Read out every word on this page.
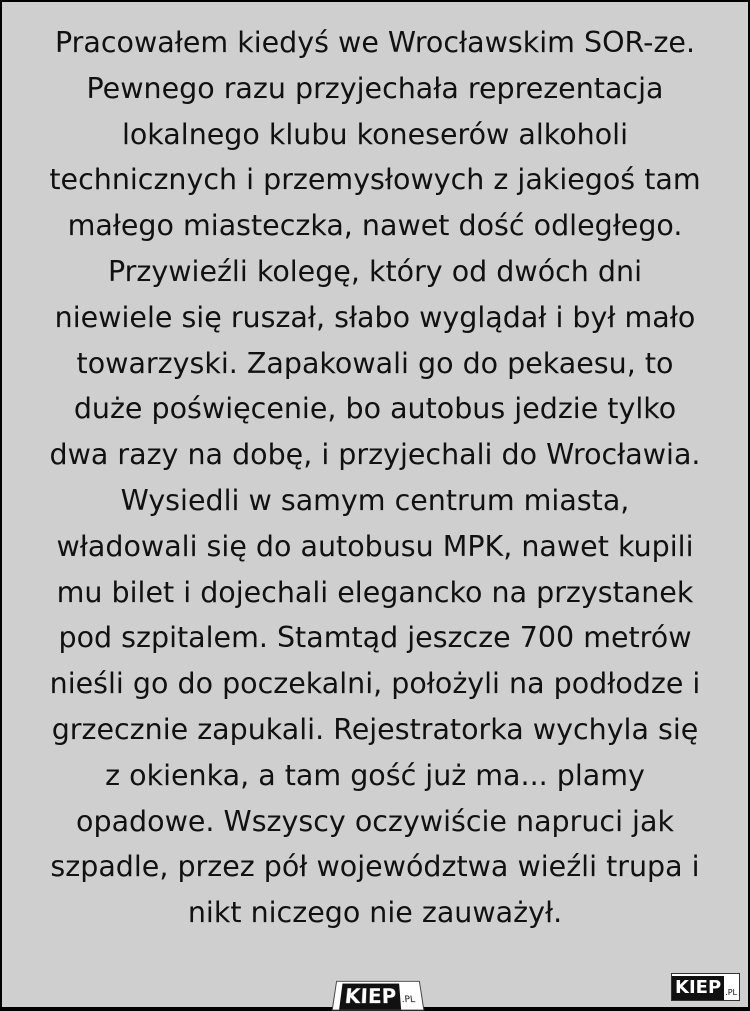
Pracowałem kiedyś we Wrocławskim SOR-ze.
Pewnego razu przyjechała reprezentacja
lokalnego klubu koneserów alkoholi
technicznych i przemysłowych z jakiegoś tam
małego miasteczka, nawet dość odległego.
Przywieźli kolegę, który od dwóch dni
niewiele się ruszał, słabo wyglądał i był mało
towarzyski. Zapakowali go do pekaesu, to
duże poświęcenie, bo autobus jedzie tylko
dwa razy na dobę, i przyjechali do Wrocławia.
Wysiedli w samym centrum miasta,
władowali się do autobusu MPK, nawet kupili
mu bilet i dojechali elegancko na przystanek
pod szpitalem. Stamtąd jeszcze 700 metrów
nieśli go do poczekalni, położyli na podłodze i
grzecznie zapukali. Rejestratorka wychyla się
z okienka, a tam gość już ma... plamy
opadowe. Wszyscy oczywiście napruci jak
szpadle, przez pół województwa wieźli trupa i
nikt niczego nie zauważył.

KIEP .PL
KIEP .PL
